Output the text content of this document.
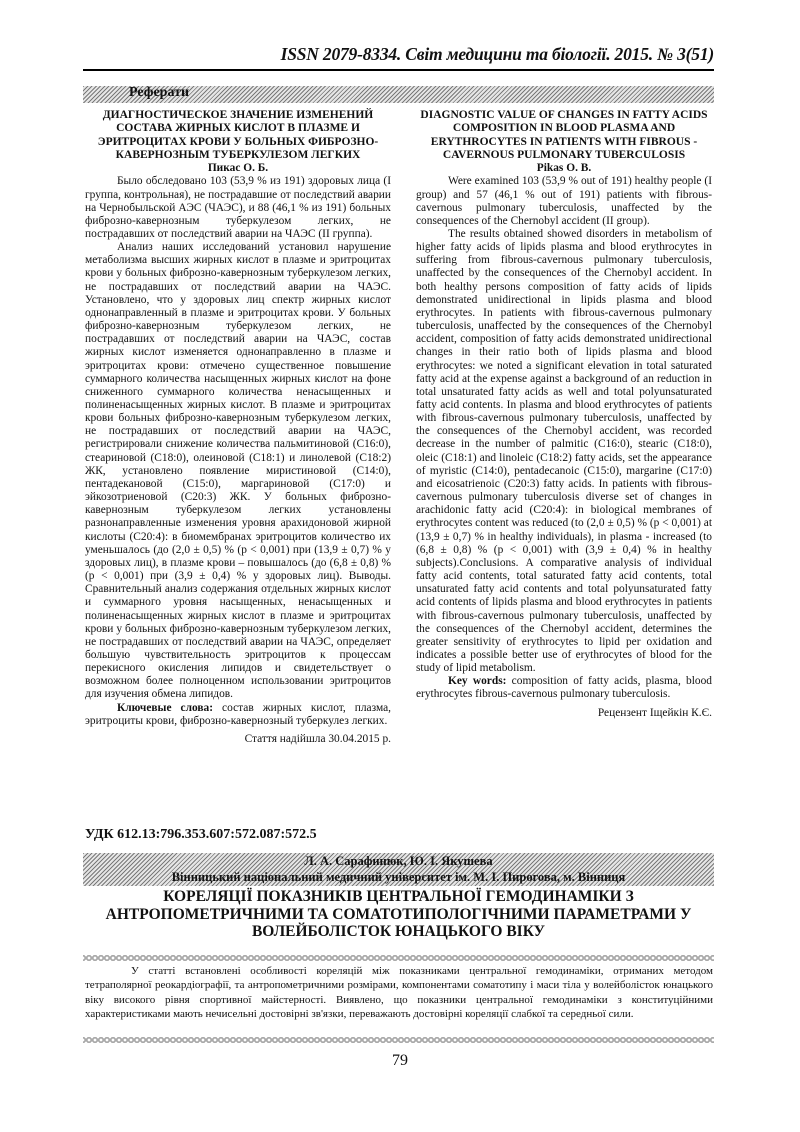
ISSN 2079-8334. Світ медицини та біології. 2015. № 3(51)
Реферати
ДИАГНОСТИЧЕСКОЕ ЗНАЧЕНИЕ ИЗМЕНЕНИЙ СОСТАВА ЖИРНЫХ КИСЛОТ В ПЛАЗМЕ И ЭРИТРОЦИТАХ КРОВИ У БОЛЬНЫХ ФИБРОЗНО-КАВЕРНОЗНЫМ ТУБЕРКУЛЕЗОМ ЛЕГКИХ
Пикас О. Б.

Было обследовано 103 (53,9 % из 191) здоровых лица (I группа, контрольная), не пострадавшие от последствий аварии на Чернобыльской АЭС (ЧАЭС), и 88 (46,1 % из 191) больных фиброзно-кавернозным туберкулезом легких, не пострадавших от последствий аварии на ЧАЭС (II группа).

Анализ наших исследований установил нарушение метаболизма высших жирных кислот в плазме и эритроцитах крови у больных фиброзно-кавернозным туберкулезом легких, не пострадавших от последствий аварии на ЧАЭС. Установлено, что у здоровых лиц спектр жирных кислот однонаправленный в плазме и эритроцитах крови. У больных фиброзно-кавернозным туберкулезом легких, не пострадавших от последствий аварии на ЧАЭС, состав жирных кислот изменяется однонаправленно в плазме и эритроцитах крови: отмечено существенное повышение суммарного количества насыщенных жирных кислот на фоне сниженного суммарного количества ненасыщенных и полиненасыщенных жирных кислот. В плазме и эритроцитах крови больных фиброзно-кавернозным туберкулезом легких, не пострадавших от последствий аварии на ЧАЭС, регистрировали снижение количества пальмитиновой (С16:0), стеариновой (С18:0), олеиновой (С18:1) и линолевой (С18:2) ЖК, установлено появление миристиновой (С14:0), пентадекановой (С15:0), маргариновой (С17:0) и эйкозотриеновой (С20:3) ЖК. У больных фиброзно-кавернозным туберкулезом легких установлены разнонаправленные изменения уровня арахидоновой жирной кислоты (С20:4): в биомембранах эритроцитов количество их уменьшалось (до (2,0 ± 0,5) % (р < 0,001) при (13,9 ± 0,7) % у здоровых лиц), в плазме крови – повышалось (до (6,8 ± 0,8) % (р < 0,001) при (3,9 ± 0,4) % у здоровых лиц). Выводы. Сравнительный анализ содержания отдельных жирных кислот и суммарного уровня насыщенных, ненасыщенных и полиненасыщенных жирных кислот в плазме и эритроцитах крови у больных фиброзно-кавернозным туберкулезом легких, не пострадавших от последствий аварии на ЧАЭС, определяет большую чувствительность эритроцитов к процессам перекисного окисления липидов и свидетельствует о возможном более полноценном использовании эритроцитов для изучения обмена липидов.

Ключевые слова: состав жирных кислот, плазма, эритроциты крови, фиброзно-кавернозный туберкулез легких.

Стаття надійшла 30.04.2015 р.
DIAGNOSTIC VALUE OF CHANGES IN FATTY ACIDS COMPOSITION IN BLOOD PLASMA AND ERYTHROCYTES IN PATIENTS WITH FIBROUS - CAVERNOUS PULMONARY TUBERCULOSIS
Pikas O. B.

Were examined 103 (53,9 % out of 191) healthy people (I group) and 57 (46,1 % out of 191) patients with fibrous-cavernous pulmonary tuberculosis, unaffected by the consequences of the Chernobyl accident (II group).

The results obtained showed disorders in metabolism of higher fatty acids of lipids plasma and blood erythrocytes in suffering from fibrous-cavernous pulmonary tuberculosis, unaffected by the consequences of the Chernobyl accident. In both healthy persons composition of fatty acids of lipids demonstrated unidirectional in lipids plasma and blood erythrocytes. In patients with fibrous-cavernous pulmonary tuberculosis, unaffected by the consequences of the Chernobyl accident, composition of fatty acids demonstrated unidirectional changes in their ratio both of lipids plasma and blood erythrocytes: we noted a significant elevation in total saturated fatty acid at the expense against a background of an reduction in total unsaturated fatty acids as well and total polyunsaturated fatty acid contents. In plasma and blood erythrocytes of patients with fibrous-cavernous pulmonary tuberculosis, unaffected by the consequences of the Chernobyl accident, was recorded decrease in the number of palmitic (C16:0), stearic (C18:0), oleic (C18:1) and linoleic (C18:2) fatty acids, set the appearance of myristic (C14:0), pentadecanoic (C15:0), margarine (C17:0) and eicosatrienoic (C20:3) fatty acids. In patients with fibrous-cavernous pulmonary tuberculosis diverse set of changes in arachidonic fatty acid (C20:4): in biological membranes of erythrocytes content was reduced (to (2,0 ± 0,5) % (p < 0,001) at (13,9 ± 0,7) % in healthy individuals), in plasma - increased (to (6,8 ± 0,8) % (p < 0,001) with (3,9 ± 0,4) % in healthy subjects).Conclusions. A comparative analysis of individual fatty acid contents, total saturated fatty acid contents, total unsaturated fatty acid contents and total polyunsaturated fatty acid contents of lipids plasma and blood erythrocytes in patients with fibrous-cavernous pulmonary tuberculosis, unaffected by the consequences of the Chernobyl accident, determines the greater sensitivity of erythrocytes to lipid per oxidation and indicates a possible better use of erythrocytes of blood for the study of lipid metabolism.

Key words: composition of fatty acids, plasma, blood erythrocytes fibrous-cavernous pulmonary tuberculosis.

Рецензент Іщейкін К.Є.
УДК 612.13:796.353.607:572.087:572.5
Л. А. Сарафинюк, Ю. І. Якушева
Вінницький національний медичний університет ім. М. І. Пирогова, м. Вінниця
КОРЕЛЯЦІЇ ПОКАЗНИКІВ ЦЕНТРАЛЬНОЇ ГЕМОДИНАМІКИ З АНТРОПОМЕТРИЧНИМИ ТА СОМАТОТИПОЛОГІЧНИМИ ПАРАМЕТРАМИ У ВОЛЕЙБОЛІСТОК ЮНАЦЬКОГО ВІКУ
У статті встановлені особливості кореляцій між показниками центральної гемодинаміки, отриманих методом тетраполярної реокардіографії, та антропометричними розмірами, компонентами соматотипу і маси тіла у волейболісток юнацького віку високого рівня спортивної майстерності. Виявлено, що показники центральної гемодинаміки з конституційними характеристиками мають нечисельні достовірні зв'язки, переважають достовірні кореляції слабкої та середньої сили.
79
